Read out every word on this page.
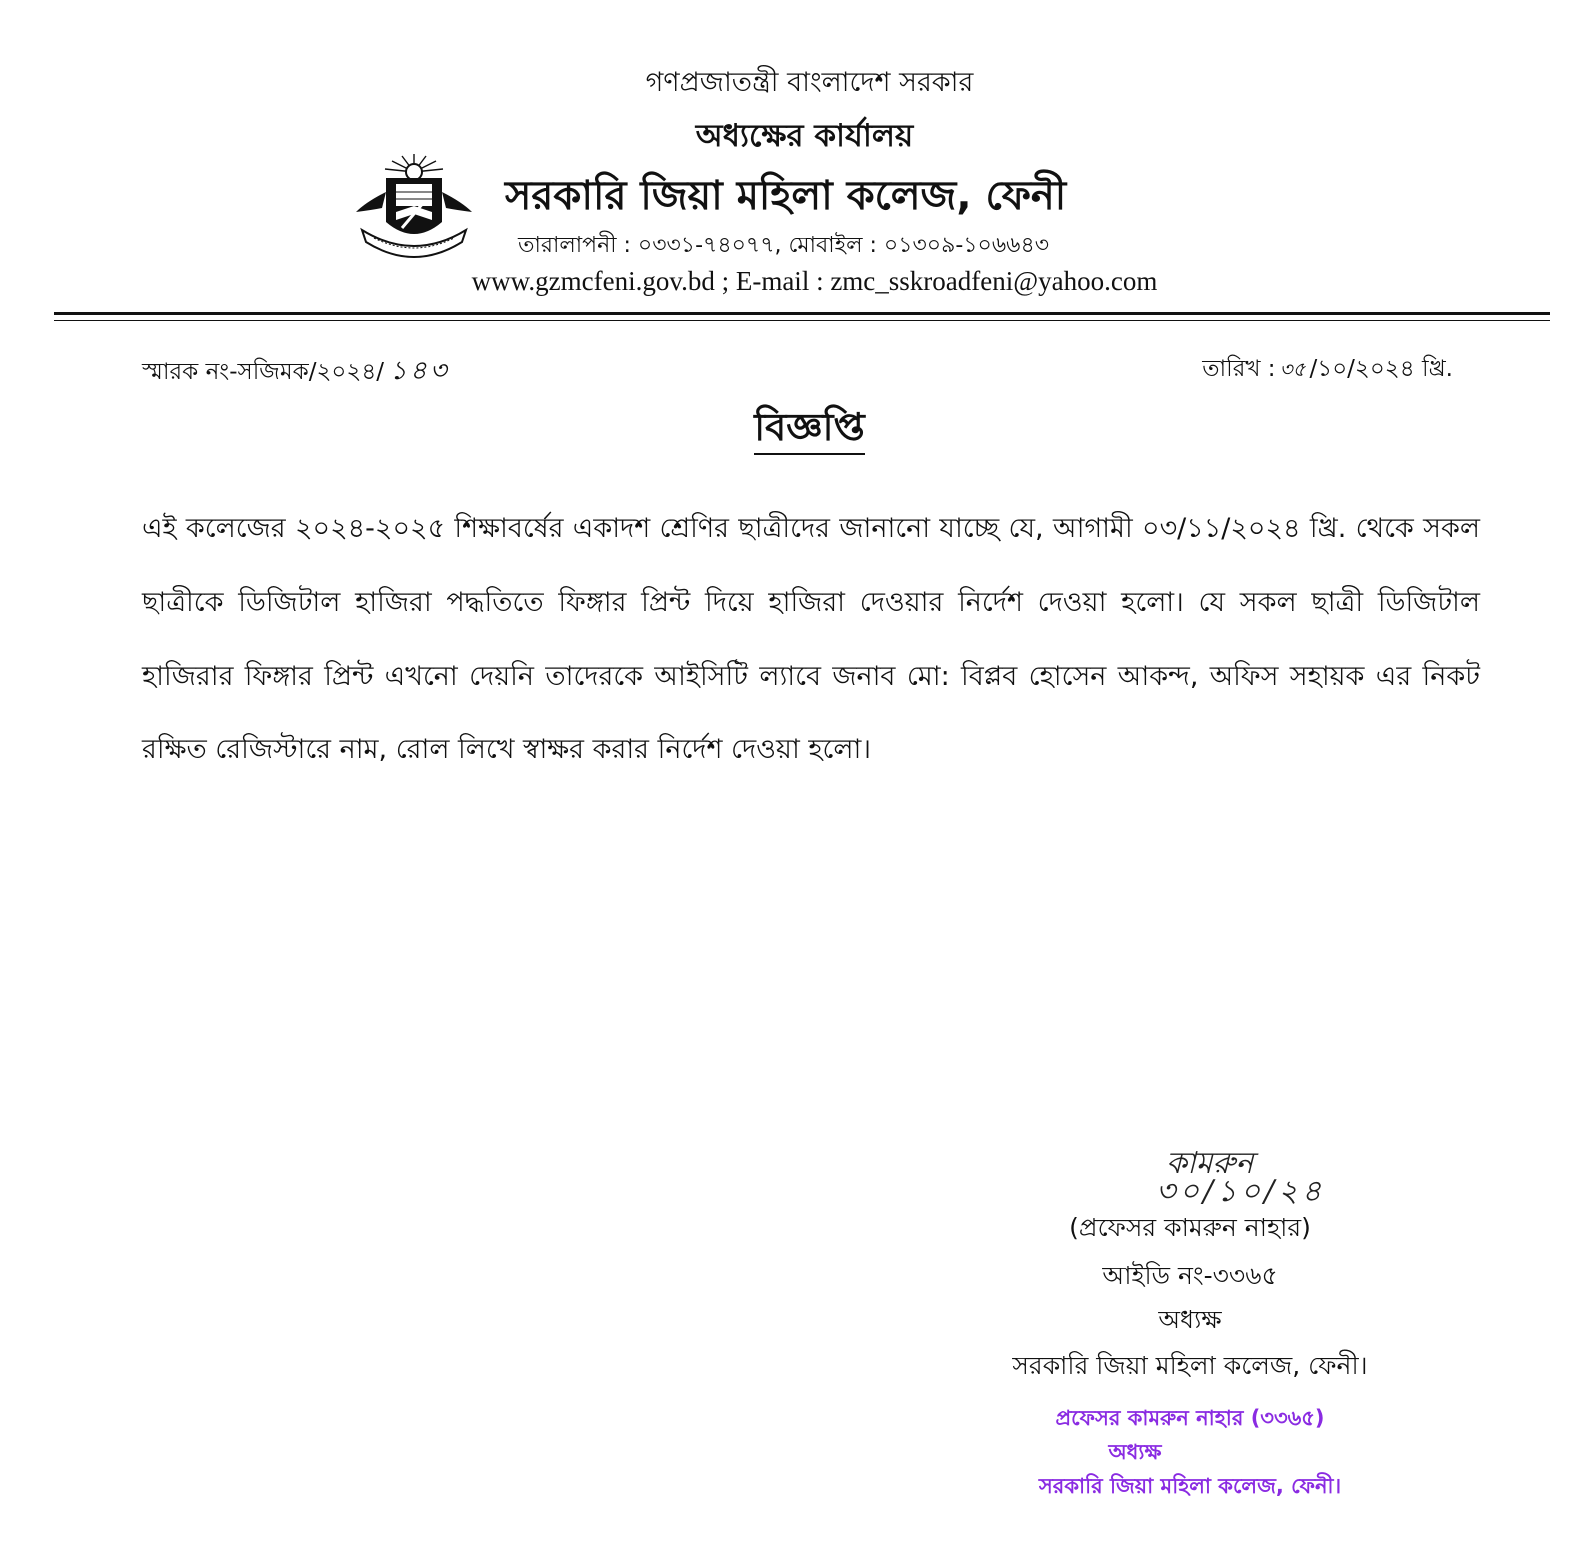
গণপ্রজাতন্ত্রী বাংলাদেশ সরকার
অধ্যক্ষের কার্যালয়
সরকারি জিয়া মহিলা কলেজ, ফেনী
তারালাপনী : ০৩৩১-৭৪০৭৭, মোবাইল : ০১৩০৯-১০৬৬৪৩
www.gzmcfeni.gov.bd ; E-mail : zmc_sskroadfeni@yahoo.com
স্মারক নং-সজিমক/২০২৪/ ১৪৩	তারিখ : ৩৫ /১০/২০২৪ খ্রি.
বিজ্ঞপ্তি
এই কলেজের ২০২৪-২০২৫ শিক্ষাবর্ষের একাদশ শ্রেণির ছাত্রীদের জানানো যাচ্ছে যে, আগামী ০৩/১১/২০২৪ খ্রি. থেকে সকল ছাত্রীকে ডিজিটাল হাজিরা পদ্ধতিতে ফিঙ্গার প্রিন্ট দিয়ে হাজিরা দেওয়ার নির্দেশ দেওয়া হলো। যে সকল ছাত্রী ডিজিটাল হাজিরার ফিঙ্গার প্রিন্ট এখনো দেয়নি তাদেরকে আইসিটি ল্যাবে জনাব মো: বিপ্লব হোসেন আকন্দ, অফিস সহায়ক এর নিকট রক্ষিত রেজিস্টারে নাম, রোল লিখে স্বাক্ষর করার নির্দেশ দেওয়া হলো।
কামরুন
৩০/১০/২৪
(প্রফেসর কামরুন নাহার)
আইডি নং-৩৩৬৫
অধ্যক্ষ
সরকারি জিয়া মহিলা কলেজ, ফেনী।
প্রফেসর কামরুন নাহার (৩৩৬৫)
অধ্যক্ষ
সরকারি জিয়া মহিলা কলেজ, ফেনী।
